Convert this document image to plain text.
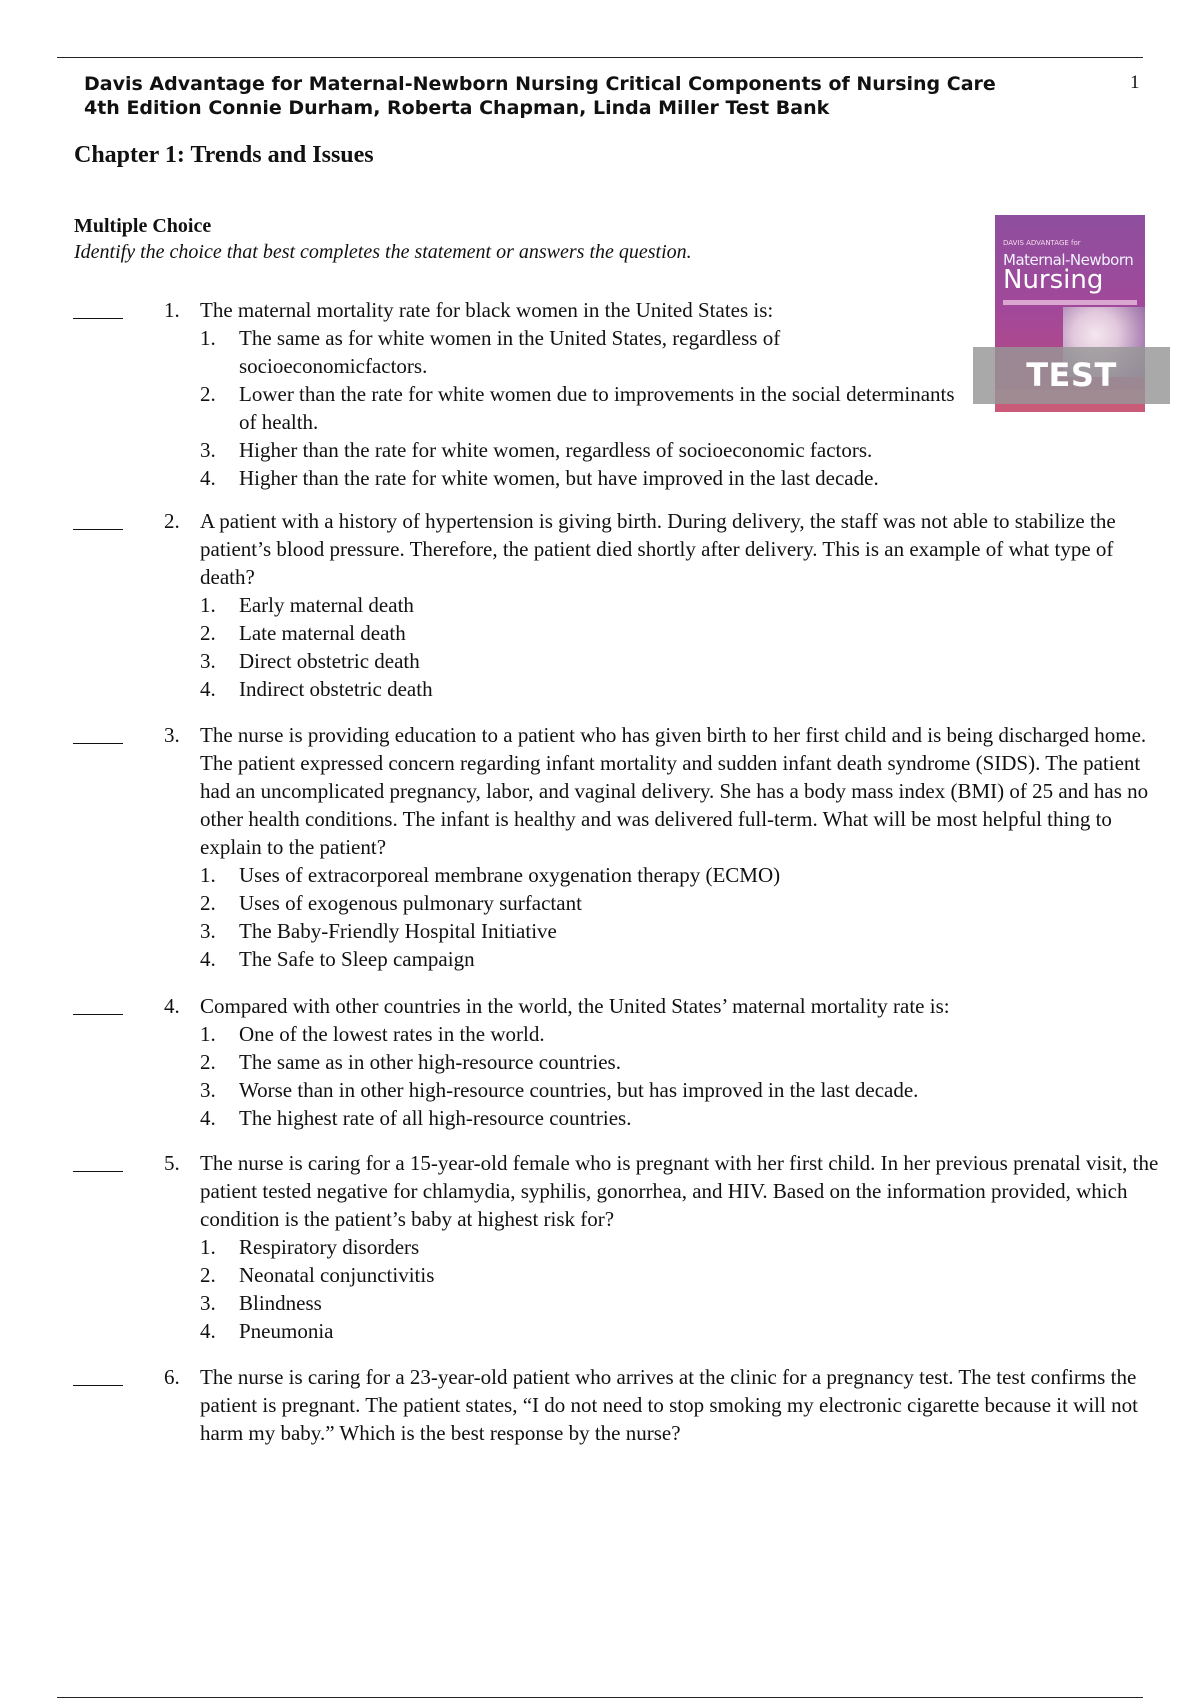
Davis Advantage for Maternal-Newborn Nursing Critical Components of Nursing Care 4th Edition Connie Durham, Roberta Chapman, Linda Miller Test Bank
1
Chapter 1: Trends and Issues
Multiple Choice
Identify the choice that best completes the statement or answers the question.	DAVIS ADVANTAGE for
Maternal-Newborn
Nursing
TEST BANK
1. The maternal mortality rate for black women in the United States is:
1. The same as for white women in the United States, regardless of socioeconomicfactors.
2. Lower than the rate for white women due to improvements in the social determinants of health.
3. Higher than the rate for white women, regardless of socioeconomic factors.
4. Higher than the rate for white women, but have improved in the last decade.
2. A patient with a history of hypertension is giving birth. During delivery, the staff was not able to stabilize the patient’s blood pressure. Therefore, the patient died shortly after delivery. This is an example of what type of death?
1. Early maternal death
2. Late maternal death
3. Direct obstetric death
4. Indirect obstetric death
3. The nurse is providing education to a patient who has given birth to her first child and is being discharged home. The patient expressed concern regarding infant mortality and sudden infant death syndrome (SIDS). The patient had an uncomplicated pregnancy, labor, and vaginal delivery. She has a body mass index (BMI) of 25 and has no other health conditions. The infant is healthy and was delivered full-term. What will be most helpful thing to explain to the patient?
1. Uses of extracorporeal membrane oxygenation therapy (ECMO)
2. Uses of exogenous pulmonary surfactant
3. The Baby-Friendly Hospital Initiative
4. The Safe to Sleep campaign
4. Compared with other countries in the world, the United States’ maternal mortality rate is:
1. One of the lowest rates in the world.
2. The same as in other high-resource countries.
3. Worse than in other high-resource countries, but has improved in the last decade.
4. The highest rate of all high-resource countries.
5. The nurse is caring for a 15-year-old female who is pregnant with her first child. In her previous prenatal visit, the patient tested negative for chlamydia, syphilis, gonorrhea, and HIV. Based on the information provided, which condition is the patient’s baby at highest risk for?
1. Respiratory disorders
2. Neonatal conjunctivitis
3. Blindness
4. Pneumonia
6. The nurse is caring for a 23-year-old patient who arrives at the clinic for a pregnancy test. The test confirms the patient is pregnant. The patient states, “I do not need to stop smoking my electronic cigarette because it will not harm my baby.” Which is the best response by the nurse?
